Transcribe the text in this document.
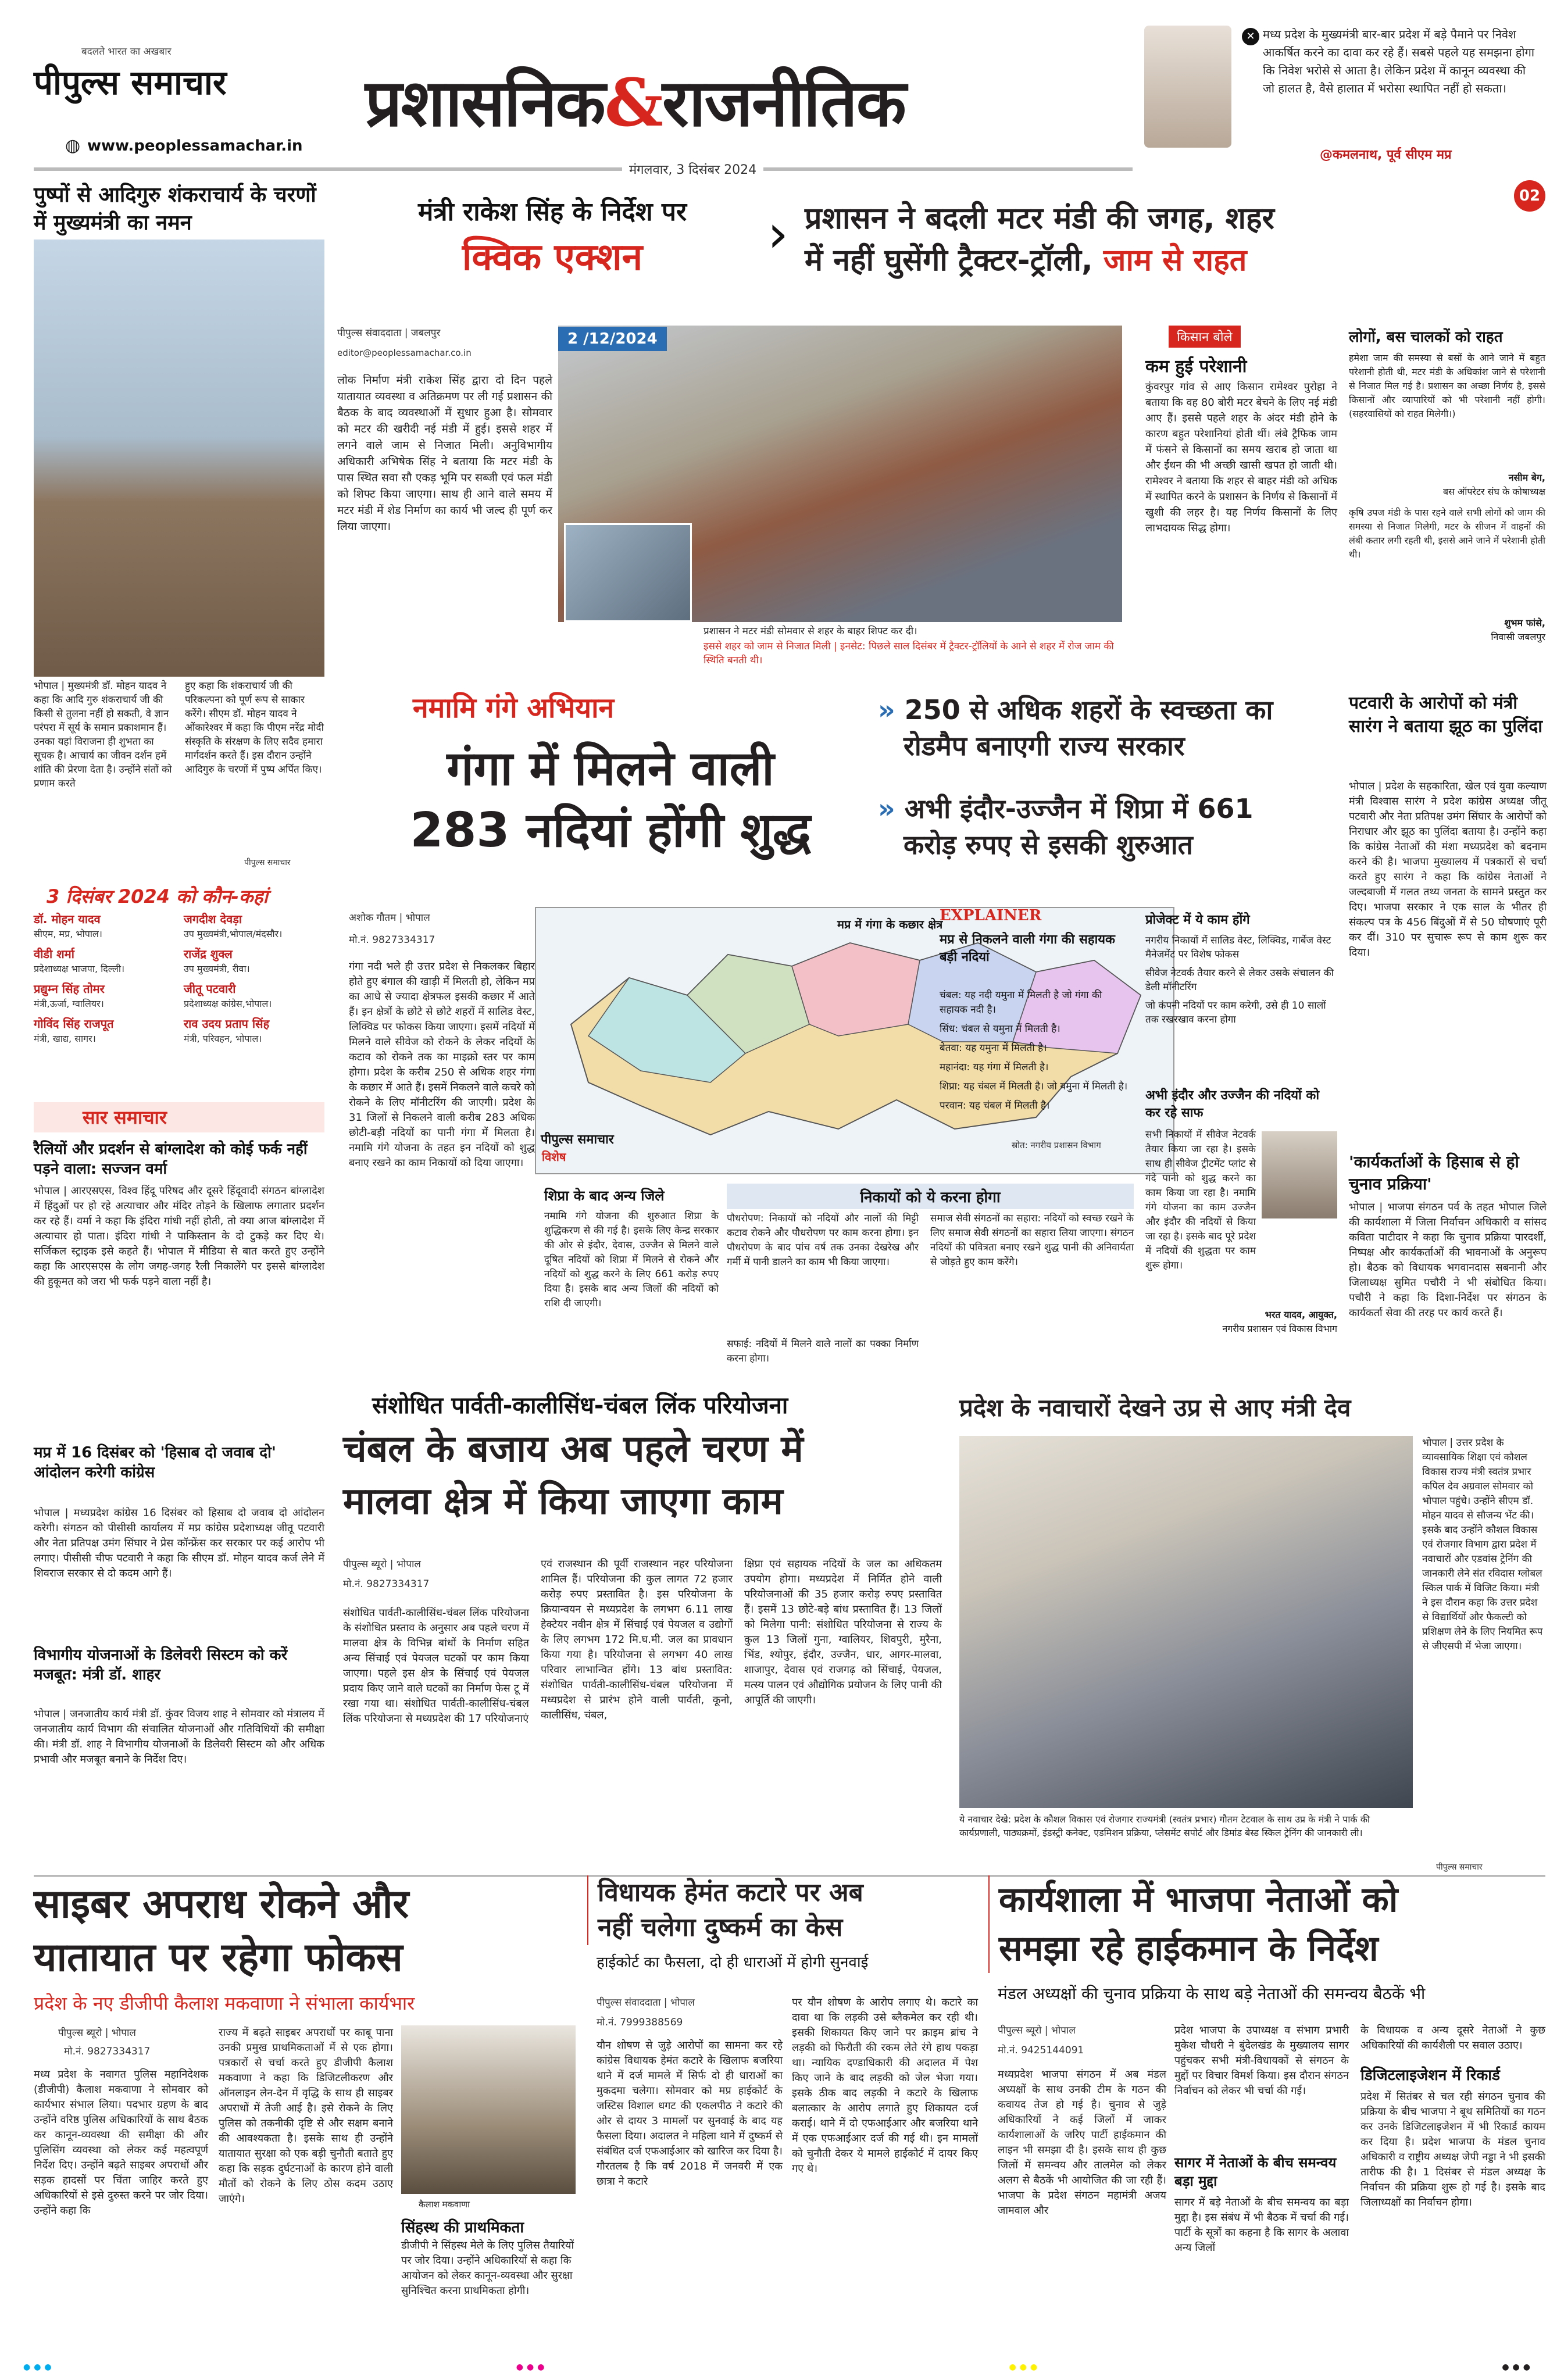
बदलते भारत का अखबार
पीपुल्स समाचार
◍ www.peoplessamachar.in
प्रशासनिक&राजनीतिक
मंगलवार, 3 दिसंबर 2024
✕ मध्य प्रदेश के मुख्यमंत्री बार-बार प्रदेश में बड़े पैमाने पर निवेश आकर्षित करने का दावा कर रहे हैं। सबसे पहले यह समझना होगा कि निवेश भरोसे से आता है। लेकिन प्रदेश में कानून व्यवस्था की जो हालत है, वैसे हालात में भरोसा स्थापित नहीं हो सकता।
@कमलनाथ, पूर्व सीएम मप्र
02
पुष्पों से आदिगुरु शंकराचार्य के चरणों में मुख्यमंत्री का नमन
भोपाल | मुख्यमंत्री डॉ. मोहन यादव ने कहा कि आदि गुरु शंकराचार्य जी की किसी से तुलना नहीं हो सकती, वे ज्ञान परंपरा में सूर्य के समान प्रकाशमान हैं। उनका यहां विराजना ही शुभता का सूचक है। आचार्य का जीवन दर्शन हमें शांति की प्रेरणा देता है। उन्होंने संतों को प्रणाम करते
हुए कहा कि शंकराचार्य जी की परिकल्पना को पूर्ण रूप से साकार करेंगे। सीएम डॉ. मोहन यादव ने ओंकारेश्वर में कहा कि पीएम नरेंद्र मोदी संस्कृति के संरक्षण के लिए सदैव हमारा मार्गदर्शन करते हैं। इस दौरान उन्होंने आदिगुरु के चरणों में पुष्प अर्पित किए।
पीपुल्स समाचार
3 दिसंबर 2024 को कौन-कहां
डॉ. मोहन यादव
सीएम, मप्र, भोपाल।
जगदीश देवड़ा
उप मुख्यमंत्री,भोपाल/मंदसौर।
वीडी शर्मा
प्रदेशाध्यक्ष भाजपा, दिल्ली।
राजेंद्र शुक्ल
उप मुख्यमंत्री, रीवा।
प्रद्युम्न सिंह तोमर
मंत्री,ऊर्जा, ग्वालियर।
जीतू पटवारी
प्रदेशाध्यक्ष कांग्रेस,भोपाल।
गोविंद सिंह राजपूत
मंत्री, खाद्य, सागर।
राव उदय प्रताप सिंह
मंत्री, परिवहन, भोपाल।
सार समाचार
रैलियों और प्रदर्शन से बांग्लादेश को कोई फर्क नहीं पड़ने वाला: सज्जन वर्मा
भोपाल | आरएसएस, विश्व हिंदू परिषद और दूसरे हिंदूवादी संगठन बांग्लादेश में हिंदुओं पर हो रहे अत्याचार और मंदिर तोड़ने के खिलाफ लगातार प्रदर्शन कर रहे हैं। वर्मा ने कहा कि इंदिरा गांधी नहीं होती, तो क्या आज बांग्लादेश में अत्याचार हो पाता। इंदिरा गांधी ने पाकिस्तान के दो टुकड़े कर दिए थे। सर्जिकल स्ट्राइक इसे कहते हैं। भोपाल में मीडिया से बात करते हुए उन्होंने कहा कि आरएसएस के लोग जगह-जगह रैली निकालेंगे पर इससे बांग्लादेश की हुकूमत को जरा भी फर्क पड़ने वाला नहीं है।
मप्र में 16 दिसंबर को 'हिसाब दो जवाब दो' आंदोलन करेगी कांग्रेस
भोपाल | मध्यप्रदेश कांग्रेस 16 दिसंबर को हिसाब दो जवाब दो आंदोलन करेगी। संगठन को पीसीसी कार्यालय में मप्र कांग्रेस प्रदेशाध्यक्ष जीतू पटवारी और नेता प्रतिपक्ष उमंग सिंघार ने प्रेस कॉन्फ्रेंस कर सरकार पर कई आरोप भी लगाए। पीसीसी चीफ पटवारी ने कहा कि सीएम डॉ. मोहन यादव कर्ज लेने में शिवराज सरकार से दो कदम आगे हैं।
विभागीय योजनाओं के डिलेवरी सिस्टम को करें मजबूत: मंत्री डॉ. शाहर
भोपाल | जनजातीय कार्य मंत्री डॉ. कुंवर विजय शाह ने सोमवार को मंत्रालय में जनजातीय कार्य विभाग की संचालित योजनाओं और गतिविधियों की समीक्षा की। मंत्री डॉ. शाह ने विभागीय योजनाओं के डिलेवरी सिस्टम को और अधिक प्रभावी और मजबूत बनाने के निर्देश दिए।
मंत्री राकेश सिंह के निर्देश पर
क्विक एक्शन	› प्रशासन ने बदली मटर मंडी की जगह, शहर
में नहीं घुसेंगी ट्रैक्टर-ट्रॉली, जाम से राहत
पीपुल्स संवाददाता | जबलपुर
editor@peoplessamachar.co.in
लोक निर्माण मंत्री राकेश सिंह द्वारा दो दिन पहले यातायात व्यवस्था व अतिक्रमण पर ली गई प्रशासन की बैठक के बाद व्यवस्थाओं में सुधार हुआ है। सोमवार को मटर की खरीदी नई मंडी में हुई। इससे शहर में लगने वाले जाम से निजात मिली। अनुविभागीय अधिकारी अभिषेक सिंह ने बताया कि मटर मंडी के पास स्थित सवा सौ एकड़ भूमि पर सब्जी एवं फल मंडी को शिफ्ट किया जाएगा। साथ ही आने वाले समय में मटर मंडी में शेड निर्माण का कार्य भी जल्द ही पूर्ण कर लिया जाएगा।
2 /12/2024
प्रशासन ने मटर मंडी सोमवार से शहर के बाहर शिफ्ट कर दी।
इससे शहर को जाम से निजात मिली | इनसेट: पिछले साल दिसंबर में ट्रैक्टर-ट्रॉलियों के आने से शहर में रोज जाम की स्थिति बनती थी।
किसान बोले
कम हुई परेशानी
कुंवरपुर गांव से आए किसान रामेश्वर पुरोहा ने बताया कि वह 80 बोरी मटर बेचने के लिए नई मंडी आए हैं। इससे पहले शहर के अंदर मंडी होने के कारण बहुत परेशानियां होती थीं। लंबे ट्रैफिक जाम में फंसने से किसानों का समय खराब हो जाता था और ईंधन की भी अच्छी खासी खपत हो जाती थी। रामेश्वर ने बताया कि शहर से बाहर मंडी को अधिक में स्थापित करने के प्रशासन के निर्णय से किसानों में खुशी की लहर है। यह निर्णय किसानों के लिए लाभदायक सिद्ध होगा।
लोगों, बस चालकों को राहत
हमेशा जाम की समस्या से बसों के आने जाने में बहुत परेशानी होती थी, मटर मंडी के अधिकांश जाने से परेशानी से निजात मिल गई है। प्रशासन का अच्छा निर्णय है, इससे किसानों और व्यापारियों को भी परेशानी नहीं होगी। (सहरवासियों को राहत मिलेगी।)
नसीम बेग,
बस ऑपरेटर संघ के कोषाध्यक्ष
कृषि उपज मंडी के पास रहने वाले सभी लोगों को जाम की समस्या से निजात मिलेगी, मटर के सीजन में वाहनों की लंबी कतार लगी रहती थी, इससे आने जाने में परेशानी होती थी।
शुभम फांसे,
निवासी जबलपुर
नमामि गंगे अभियान
गंगा में मिलने वाली
283 नदियां होंगी शुद्ध
» 250 से अधिक शहरों के स्वच्छता का
रोडमैप बनाएगी राज्य सरकार
» अभी इंदौर-उज्जैन में शिप्रा में 661
करोड़ रुपए से इसकी शुरुआत
अशोक गौतम | भोपाल
मो.नं. 9827334317
गंगा नदी भले ही उत्तर प्रदेश से निकलकर बिहार होते हुए बंगाल की खाड़ी में मिलती हो, लेकिन मप्र का आधे से ज्यादा क्षेत्रफल इसकी कछार में आते हैं। इन क्षेत्रों के छोटे से छोटे शहरों में सालिड वेस्ट, लिक्विड पर फोकस किया जाएगा। इसमें नदियों में मिलने वाले सीवेज को रोकने के लेकर नदियों के कटाव को रोकने तक का माइक्रो स्तर पर काम होगा। प्रदेश के करीब 250 से अधिक शहर गंगा के कछार में आते हैं। इसमें निकलने वाले कचरे को रोकने के लिए मॉनीटरिंग की जाएगी। प्रदेश के 31 जिलों से निकलने वाली करीब 283 अधिक छोटी-बड़ी नदियों का पानी गंगा में मिलता है। नमामि गंगे योजना के तहत इन नदियों को शुद्ध बनाए रखने का काम निकायों को दिया जाएगा।
मप्र में गंगा के कछार क्षेत्र
स्रोत: नगरीय प्रशासन विभाग
पीपुल्स समाचार
विशेष
EXPLAINER
मप्र से निकलने वाली गंगा की सहायक बड़ी नदियां
चंबल: यह नदी यमुना में मिलती है जो गंगा की सहायक नदी है।
सिंध: चंबल से यमुना में मिलती है।
बेतवा: यह यमुना में मिलती है।
महानंदा: यह गंगा में मिलती है।
शिप्रा: यह चंबल में मिलती है। जो यमुना में मिलती है।
परवान: यह चंबल में मिलती है।
प्रोजेक्ट में ये काम होंगे
नगरीय निकायों में सालिड वेस्ट, लिक्विड, गार्बेज वेस्ट मैनेजमेंट पर विशेष फोकस
सीवेज नेटवर्क तैयार करने से लेकर उसके संचालन की डेली मॉनीटरिंग
जो कंपनी नदियों पर काम करेगी, उसे ही 10 सालों तक रखरखाव करना होगा
अभी इंदौर और उज्जैन की नदियों को कर रहे साफ
सभी निकायों में सीवेज नेटवर्क तैयार किया जा रहा है। इसके साथ ही सीवेज ट्रीटमेंट प्लांट से गंदे पानी को शुद्ध करने का काम किया जा रहा है। नमामि गंगे योजना का काम उज्जैन और इंदौर की नदियों से किया जा रहा है। इसके बाद पूरे प्रदेश में नदियों की शुद्धता पर काम शुरू होगा।
भरत यादव, आयुक्त,
नगरीय प्रशासन एवं विकास विभाग
शिप्रा के बाद अन्य जिले
नमामि गंगे योजना की शुरुआत शिप्रा के शुद्धिकरण से की गई है। इसके लिए केन्द्र सरकार की ओर से इंदौर, देवास, उज्जैन से मिलने वाले दूषित नदियों को शिप्रा में मिलने से रोकने और नदियों को शुद्ध करने के लिए 661 करोड़ रुपए दिया है। इसके बाद अन्य जिलों की नदियों को राशि दी जाएगी।
निकायों को ये करना होगा
पौधरोपण: निकायों को नदियों और नालों की मिट्टी कटाव रोकने और पौधरोपण पर काम करना होगा। इन पौधरोपण के बाद पांच वर्ष तक उनका देखरेख और गर्मी में पानी डालने का काम भी किया जाएगा।
सफाई: नदियों में मिलने वाले नालों का पक्का निर्माण करना होगा।
समाज सेवी संगठनों का सहारा: नदियों को स्वच्छ रखने के लिए समाज सेवी संगठनों का सहारा लिया जाएगा। संगठन नदियों की पवित्रता बनाए रखने शुद्ध पानी की अनिवार्यता से जोड़ते हुए काम करेंगे।
पटवारी के आरोपों को मंत्री सारंग ने बताया झूठ का पुलिंदा
भोपाल | प्रदेश के सहकारिता, खेल एवं युवा कल्याण मंत्री विश्वास सारंग ने प्रदेश कांग्रेस अध्यक्ष जीतू पटवारी और नेता प्रतिपक्ष उमंग सिंघार के आरोपों को निराधार और झूठ का पुलिंदा बताया है। उन्होंने कहा कि कांग्रेस नेताओं की मंशा मध्यप्रदेश को बदनाम करने की है। भाजपा मुख्यालय में पत्रकारों से चर्चा करते हुए सारंग ने कहा कि कांग्रेस नेताओं ने जल्दबाजी में गलत तथ्य जनता के सामने प्रस्तुत कर दिए। भाजपा सरकार ने एक साल के भीतर ही संकल्प पत्र के 456 बिंदुओं में से 50 घोषणाएं पूरी कर दीं। 310 पर सुचारू रूप से काम शुरू कर दिया।
'कार्यकर्ताओं के हिसाब से हो चुनाव प्रक्रिया'
भोपाल | भाजपा संगठन पर्व के तहत भोपाल जिले की कार्यशाला में जिला निर्वाचन अधिकारी व सांसद कविता पाटीदार ने कहा कि चुनाव प्रक्रिया पारदर्शी, निष्पक्ष और कार्यकर्ताओं की भावनाओं के अनुरूप हो। बैठक को विधायक भगवानदास सबनानी और जिलाध्यक्ष सुमित पचौरी ने भी संबोधित किया। पचौरी ने कहा कि दिशा-निर्देश पर संगठन के कार्यकर्ता सेवा की तरह पर कार्य करते हैं।
संशोधित पार्वती-कालीसिंध-चंबल लिंक परियोजना
चंबल के बजाय अब पहले चरण में
मालवा क्षेत्र में किया जाएगा काम
पीपुल्स ब्यूरो | भोपाल
मो.नं. 9827334317
संशोधित पार्वती-कालीसिंध-चंबल लिंक परियोजना के संशोधित प्रस्ताव के अनुसार अब पहले चरण में मालवा क्षेत्र के विभिन्न बांधों के निर्माण सहित अन्य सिंचाई एवं पेयजल घटकों पर काम किया जाएगा। पहले इस क्षेत्र के सिंचाई एवं पेयजल प्रदाय किए जाने वाले घटकों का निर्माण फेस टू में रखा गया था। संशोधित पार्वती-कालीसिंध-चंबल लिंक परियोजना से मध्यप्रदेश की 17 परियोजनाएं
एवं राजस्थान की पूर्वी राजस्थान नहर परियोजना शामिल हैं। परियोजना की कुल लागत 72 हजार करोड़ रुपए प्रस्तावित है। इस परियोजना के क्रियान्वयन से मध्यप्रदेश के लगभग 6.11 लाख हेक्टेयर नवीन क्षेत्र में सिंचाई एवं पेयजल व उद्योगों के लिए लगभग 172 मि.घ.मी. जल का प्रावधान किया गया है। परियोजना से लगभग 40 लाख परिवार लाभान्वित होंगे। 13 बांध प्रस्तावित: संशोधित पार्वती-कालीसिंध-चंबल परियोजना में मध्यप्रदेश से प्रारंभ होने वाली पार्वती, कूनो, कालीसिंध, चंबल,
क्षिप्रा एवं सहायक नदियों के जल का अधिकतम उपयोग होगा। मध्यप्रदेश में निर्मित होने वाली परियोजनाओं की 35 हजार करोड़ रुपए प्रस्तावित हैं। इसमें 13 छोटे-बड़े बांध प्रस्तावित हैं। 13 जिलों को मिलेगा पानी: संशोधित परियोजना से राज्य के कुल 13 जिलों गुना, ग्वालियर, शिवपुरी, मुरैना, भिंड, श्योपुर, इंदौर, उज्जैन, धार, आगर-मालवा, शाजापुर, देवास एवं राजगढ़ को सिंचाई, पेयजल, मत्स्य पालन एवं औद्योगिक प्रयोजन के लिए पानी की आपूर्ति की जाएगी।
प्रदेश के नवाचारों देखने उप्र से आए मंत्री देव
ये नवाचार देखे: प्रदेश के कौशल विकास एवं रोजगार राज्यमंत्री (स्वतंत्र प्रभार) गौतम टेटवाल के साथ उप्र के मंत्री ने पार्क की कार्यप्रणाली, पाठ्यक्रमों, इंडस्ट्री कनेक्ट, एडमिशन प्रक्रिया, प्लेसमेंट सपोर्ट और डिमांड बेस्ड स्किल ट्रेनिंग की जानकारी ली।
पीपुल्स समाचार
भोपाल | उत्तर प्रदेश के व्यावसायिक शिक्षा एवं कौशल विकास राज्य मंत्री स्वतंत्र प्रभार कपिल देव अग्रवाल सोमवार को भोपाल पहुंचे। उन्होंने सीएम डॉ. मोहन यादव से सौजन्य भेंट की। इसके बाद उन्होंने कौशल विकास एवं रोजगार विभाग द्वारा प्रदेश में नवाचारों और एडवांस ट्रेनिंग की जानकारी लेने संत रविदास ग्लोबल स्किल पार्क में विजिट किया। मंत्री ने इस दौरान कहा कि उत्तर प्रदेश से विद्यार्थियों और फैकल्टी को प्रशिक्षण लेने के लिए नियमित रूप से जीएसपी में भेजा जाएगा।
साइबर अपराध रोकने और
यातायात पर रहेगा फोकस
प्रदेश के नए डीजीपी कैलाश मकवाणा ने संभाला कार्यभार
पीपुल्स ब्यूरो | भोपाल
मो.नं. 9827334317
मध्य प्रदेश के नवागत पुलिस महानिदेशक (डीजीपी) कैलाश मकवाणा ने सोमवार को कार्यभार संभाल लिया। पदभार ग्रहण के बाद उन्होंने वरिष्ठ पुलिस अधिकारियों के साथ बैठक कर कानून-व्यवस्था की समीक्षा की और पुलिसिंग व्यवस्था को लेकर कई महत्वपूर्ण निर्देश दिए। उन्होंने बढ़ते साइबर अपराधों और सड़क हादसों पर चिंता जाहिर करते हुए अधिकारियों से इसे दुरुस्त करने पर जोर दिया। उन्होंने कहा कि
राज्य में बढ़ते साइबर अपराधों पर काबू पाना उनकी प्रमुख प्राथमिकताओं में से एक होगा। पत्रकारों से चर्चा करते हुए डीजीपी कैलाश मकवाणा ने कहा कि डिजिटलीकरण और ऑनलाइन लेन-देन में वृद्धि के साथ ही साइबर अपराधों में तेजी आई है। इसे रोकने के लिए पुलिस को तकनीकी दृष्टि से और सक्षम बनाने की आवश्यकता है। इसके साथ ही उन्होंने यातायात सुरक्षा को एक बड़ी चुनौती बताते हुए कहा कि सड़क दुर्घटनाओं के कारण होने वाली मौतों को रोकने के लिए ठोस कदम उठाए जाएंगे।	कैलाश मकवाणा
सिंहस्थ की प्राथमिकता
डीजीपी ने सिंहस्थ मेले के लिए पुलिस तैयारियों पर जोर दिया। उन्होंने अधिकारियों से कहा कि आयोजन को लेकर कानून-व्यवस्था और सुरक्षा सुनिश्चित करना प्राथमिकता होगी।
विधायक हेमंत कटारे पर अब
नहीं चलेगा दुष्कर्म का केस
हाईकोर्ट का फैसला, दो ही धाराओं में होगी सुनवाई
पीपुल्स संवाददाता | भोपाल
मो.नं. 7999388569
यौन शोषण से जुड़े आरोपों का सामना कर रहे कांग्रेस विधायक हेमंत कटारे के खिलाफ बजरिया थाने में दर्ज मामले में सिर्फ दो ही धाराओं का मुकदमा चलेगा। सोमवार को मप्र हाईकोर्ट के जस्टिस विशाल धगट की एकलपीठ ने कटारे की ओर से दायर 3 मामलों पर सुनवाई के बाद यह फैसला दिया। अदालत ने महिला थाने में दुष्कर्म से संबंधित दर्ज एफआईआर को खारिज कर दिया है। गौरतलब है कि वर्ष 2018 में जनवरी में एक छात्रा ने कटारे
पर यौन शोषण के आरोप लगाए थे। कटारे का दावा था कि लड़की उसे ब्लैकमेल कर रही थी। इसकी शिकायत किए जाने पर क्राइम ब्रांच ने लड़की को फिरौती की रकम लेते रंगे हाथ पकड़ा था। न्यायिक दण्डाधिकारी की अदालत में पेश किए जाने के बाद लड़की को जेल भेजा गया। इसके ठीक बाद लड़की ने कटारे के खिलाफ बलात्कार के आरोप लगाते हुए शिकायत दर्ज कराई। थाने में दो एफआईआर और बजरिया थाने में एक एफआईआर दर्ज की गई थी। इन मामलों को चुनौती देकर ये मामले हाईकोर्ट में दायर किए गए थे।
कार्यशाला में भाजपा नेताओं को
समझा रहे हाईकमान के निर्देश
मंडल अध्यक्षों की चुनाव प्रक्रिया के साथ बड़े नेताओं की समन्वय बैठकें भी
पीपुल्स ब्यूरो | भोपाल
मो.नं. 9425144091
मध्यप्रदेश भाजपा संगठन में अब मंडल अध्यक्षों के साथ उनकी टीम के गठन की कवायद तेज हो गई है। चुनाव से जुड़े अधिकारियों ने कई जिलों में जाकर कार्यशालाओं के जरिए पार्टी हाईकमान की लाइन भी समझा दी है। इसके साथ ही कुछ जिलों में समन्वय और तालमेल को लेकर अलग से बैठकें भी आयोजित की जा रही हैं। भाजपा के प्रदेश संगठन महामंत्री अजय जामवाल और
प्रदेश भाजपा के उपाध्यक्ष व संभाग प्रभारी मुकेश चौधरी ने बुंदेलखंड के मुख्यालय सागर पहुंचकर सभी मंत्री-विधायकों से संगठन के मुद्दों पर विचार विमर्श किया। इस दौरान संगठन निर्वाचन को लेकर भी चर्चा की गई।
सागर में नेताओं के बीच समन्वय बड़ा मुद्दा
सागर में बड़े नेताओं के बीच समन्वय का बड़ा मुद्दा है। इस संबंध में भी बैठक में चर्चा की गई। पार्टी के सूत्रों का कहना है कि सागर के अलावा अन्य जिलों
के विधायक व अन्य दूसरे नेताओं ने कुछ अधिकारियों की कार्यशैली पर सवाल उठाए।
डिजिटलाइजेशन में रिकार्ड
प्रदेश में सितंबर से चल रही संगठन चुनाव की प्रक्रिया के बीच भाजपा ने बूथ समितियों का गठन कर उनके डिजिटलाइजेशन में भी रिकार्ड कायम कर दिया है। प्रदेश भाजपा के मंडल चुनाव अधिकारी व राष्ट्रीय अध्यक्ष जेपी नड्डा ने भी इसकी तारीफ की है। 1 दिसंबर से मंडल अध्यक्ष के निर्वाचन की प्रक्रिया शुरू हो गई है। इसके बाद जिलाध्यक्षों का निर्वाचन होगा।
●●●	●●●	●●●	●●●
